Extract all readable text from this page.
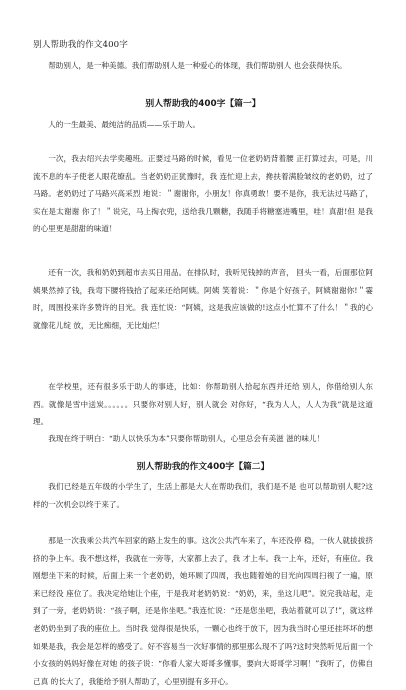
别人帮助我的作文400字
帮助别人，是一种美德。我们帮助别人是一种爱心的体现，我们帮助别人 也会获得快乐。
别人帮助我的400字【篇一】
人的一生最美、最纯洁的品质——乐于助人。
一次，我去绍兴去学奕趣班。正要过马路的时候，看见一位老奶奶背着腰 正打算过去，可是，川流不息的车子使老人眼花缭乱。当老奶奶正犹豫时，我 连忙迎上去，搀扶着满脸皱纹的老奶奶，过了马路。老奶奶过了马路兴高采烈 地说：＂谢谢你，小朋友！你真勇敢！要不是你，我无法过马路了，实在是太谢谢 你了！＂说完，马上掏衣兜，送给我几颗糖，我随手将糖塞进嘴里，哇！真甜!但 是我的心里更是甜甜的味道！
还有一次，我和奶奶到超市去买日用品。在排队时，我听见钱掉的声音， 回头一看，后面那位阿姨果然掉了钱，我弯下腰将钱拾了起来还给阿姨。阿姨 笑着说：＂你是个好孩子，阿姨谢谢你!＂霎时，周围投来许多赞许的目光。我 连忙说：“阿姨，这是我应该做的!这点小忙算不了什么！＂我的心就像花儿绽 放，无比痴细，无比灿烂！
在学校里，还有很多乐于助人的事迹，比如：你帮助别人拾起东西并还给 别人，你借给别人东西。就像是雪中送炭。。。。。。只要你对别人好，别人就会 对你好，“我为人人，人人为我”就是这道理。
我现在终于明白：“助人以快乐为本”只要你帮助别人，心里总会有美滋 滋的味儿！
别人帮助我的作文400字【篇二】
我们已经是五年级的小学生了，生活上都是大人在帮助我们，我们是不是 也可以帮助别人呢?这样的一次机会以终于来了。
那是一次我乘公共汽车回家的路上发生的事。这次公共汽车来了，车还没停 稳，一伙人就拔拔挤挤的争上车。我不想这样，我就在一旁等，大家都上去了，我 才上车。我一上车，还好，有座位。我刚想坐下来的时候，后面上来一个老奶奶，她环顾了四周，我也随着她的目光向四周扫视了一遍，原来已经没 座位了。我决定给她让个座，于是我对老奶奶说：“奶奶，来，坐这儿吧”。说完我站起，走到了一旁，老奶奶说：“孩子啊，还是你坐吧。”我连忙说：“还是您坐吧，我站着就可以了!”，就这样老奶奶坐到了我的座位上。当时我 觉得很是快乐，一颗心也终于放下，因为我当时心里还挂坏坏的想如果是我，我会是怎样的感受了。好不容易当一次好事情的那里那么现不了吗?这时突然听见后面一个小女孩的妈妈好像在对她 的孩子说：“你看人家大哥哥多懂事，要向大哥哥学习啊！”我听了，仿佛自己真 的长大了，我能给予别人帮助了，心里别提有多开心。
